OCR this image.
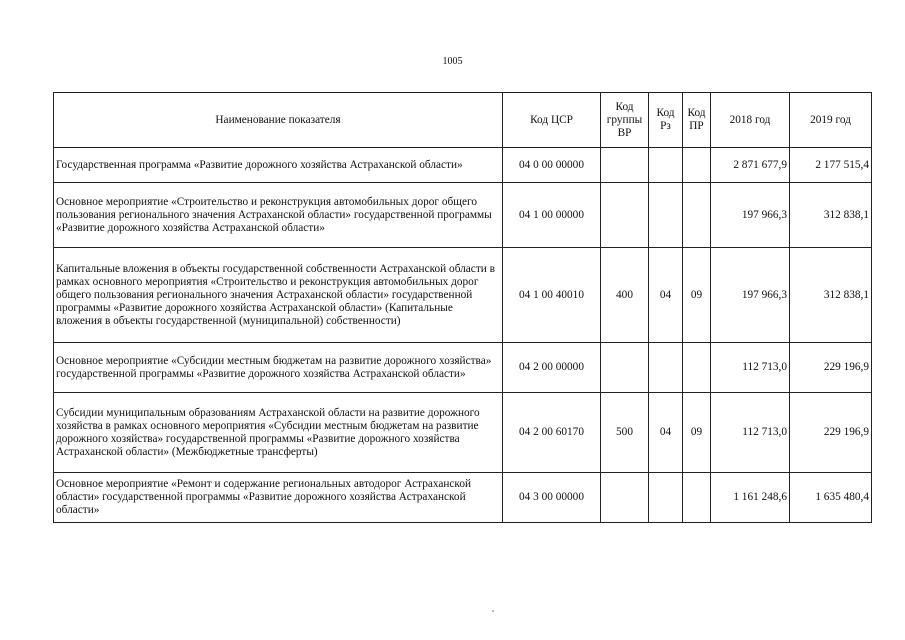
1005
Наименование показателя	Код ЦСР	Код группы ВР	Код Рз	Код ПР	2018 год	2019 год
Государственная программа «Развитие дорожного хозяйства Астраханской области»	04 0 00 00000				2 871 677,9	2 177 515,4
Основное мероприятие «Строительство и реконструкция автомобильных дорог общего пользования регионального значения Астраханской области» государственной программы «Развитие дорожного хозяйства Астраханской области»	04 1 00 00000				197 966,3	312 838,1
Капитальные вложения в объекты государственной собственности Астраханской области в рамках основного мероприятия «Строительство и реконструкция автомобильных дорог общего пользования регионального значения Астраханской области» государственной программы «Развитие дорожного хозяйства Астраханской области» (Капитальные вложения в объекты государственной (муниципальной) собственности)	04 1 00 40010	400	04	09	197 966,3	312 838,1
Основное мероприятие «Субсидии местным бюджетам на развитие дорожного хозяйства» государственной программы «Развитие дорожного хозяйства Астраханской области»	04 2 00 00000				112 713,0	229 196,9
Субсидии муниципальным образованиям Астраханской области на развитие дорожного хозяйства в рамках основного мероприятия «Субсидии местным бюджетам на развитие дорожного хозяйства» государственной программы «Развитие дорожного хозяйства Астраханской области» (Межбюджетные трансферты)	04 2 00 60170	500	04	09	112 713,0	229 196,9
Основное мероприятие «Ремонт и содержание региональных автодорог Астраханской области» государственной программы «Развитие дорожного хозяйства Астраханской области»	04 3 00 00000				1 161 248,6	1 635 480,4
